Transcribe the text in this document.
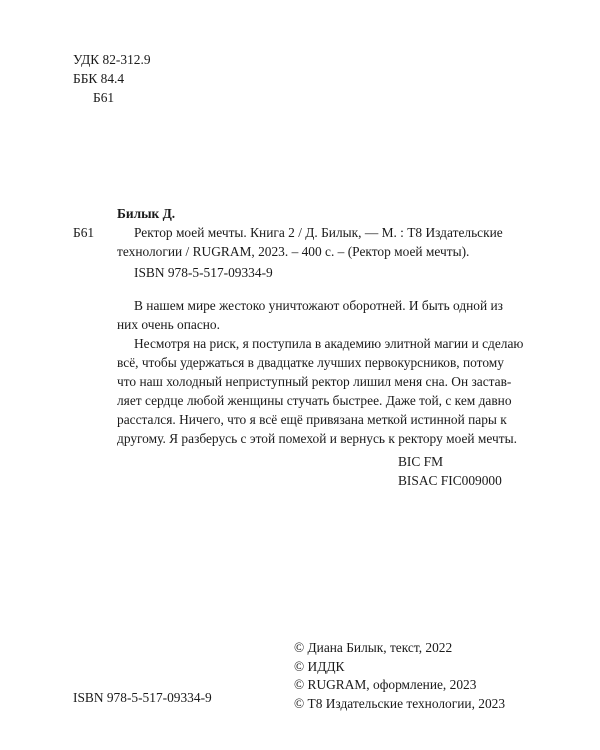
УДК 82-312.9
ББК 84.4
Б61
Билык Д.
Б61	Ректор моей мечты. Книга 2 / Д. Билык, — М. : Т8 Издательские
технологии / RUGRAM, 2023. – 400 с. – (Ректор моей мечты).
ISBN 978-5-517-09334-9
В нашем мире жестоко уничтожают оборотней. И быть одной из
них очень опасно.
Несмотря на риск, я поступила в академию элитной магии и сделаю
всё, чтобы удержаться в двадцатке лучших первокурсников, потому
что наш холодный неприступный ректор лишил меня сна. Он застав-
ляет сердце любой женщины стучать быстрее. Даже той, с кем давно
расстался. Ничего, что я всё ещё привязана меткой истинной пары к
другому. Я разберусь с этой помехой и вернусь к ректору моей мечты.
BIC FM
BISAC FIC009000
© Диана Билык, текст, 2022
© ИДДК
© RUGRAM, оформление, 2023
© Т8 Издательские технологии, 2023
ISBN 978-5-517-09334-9
